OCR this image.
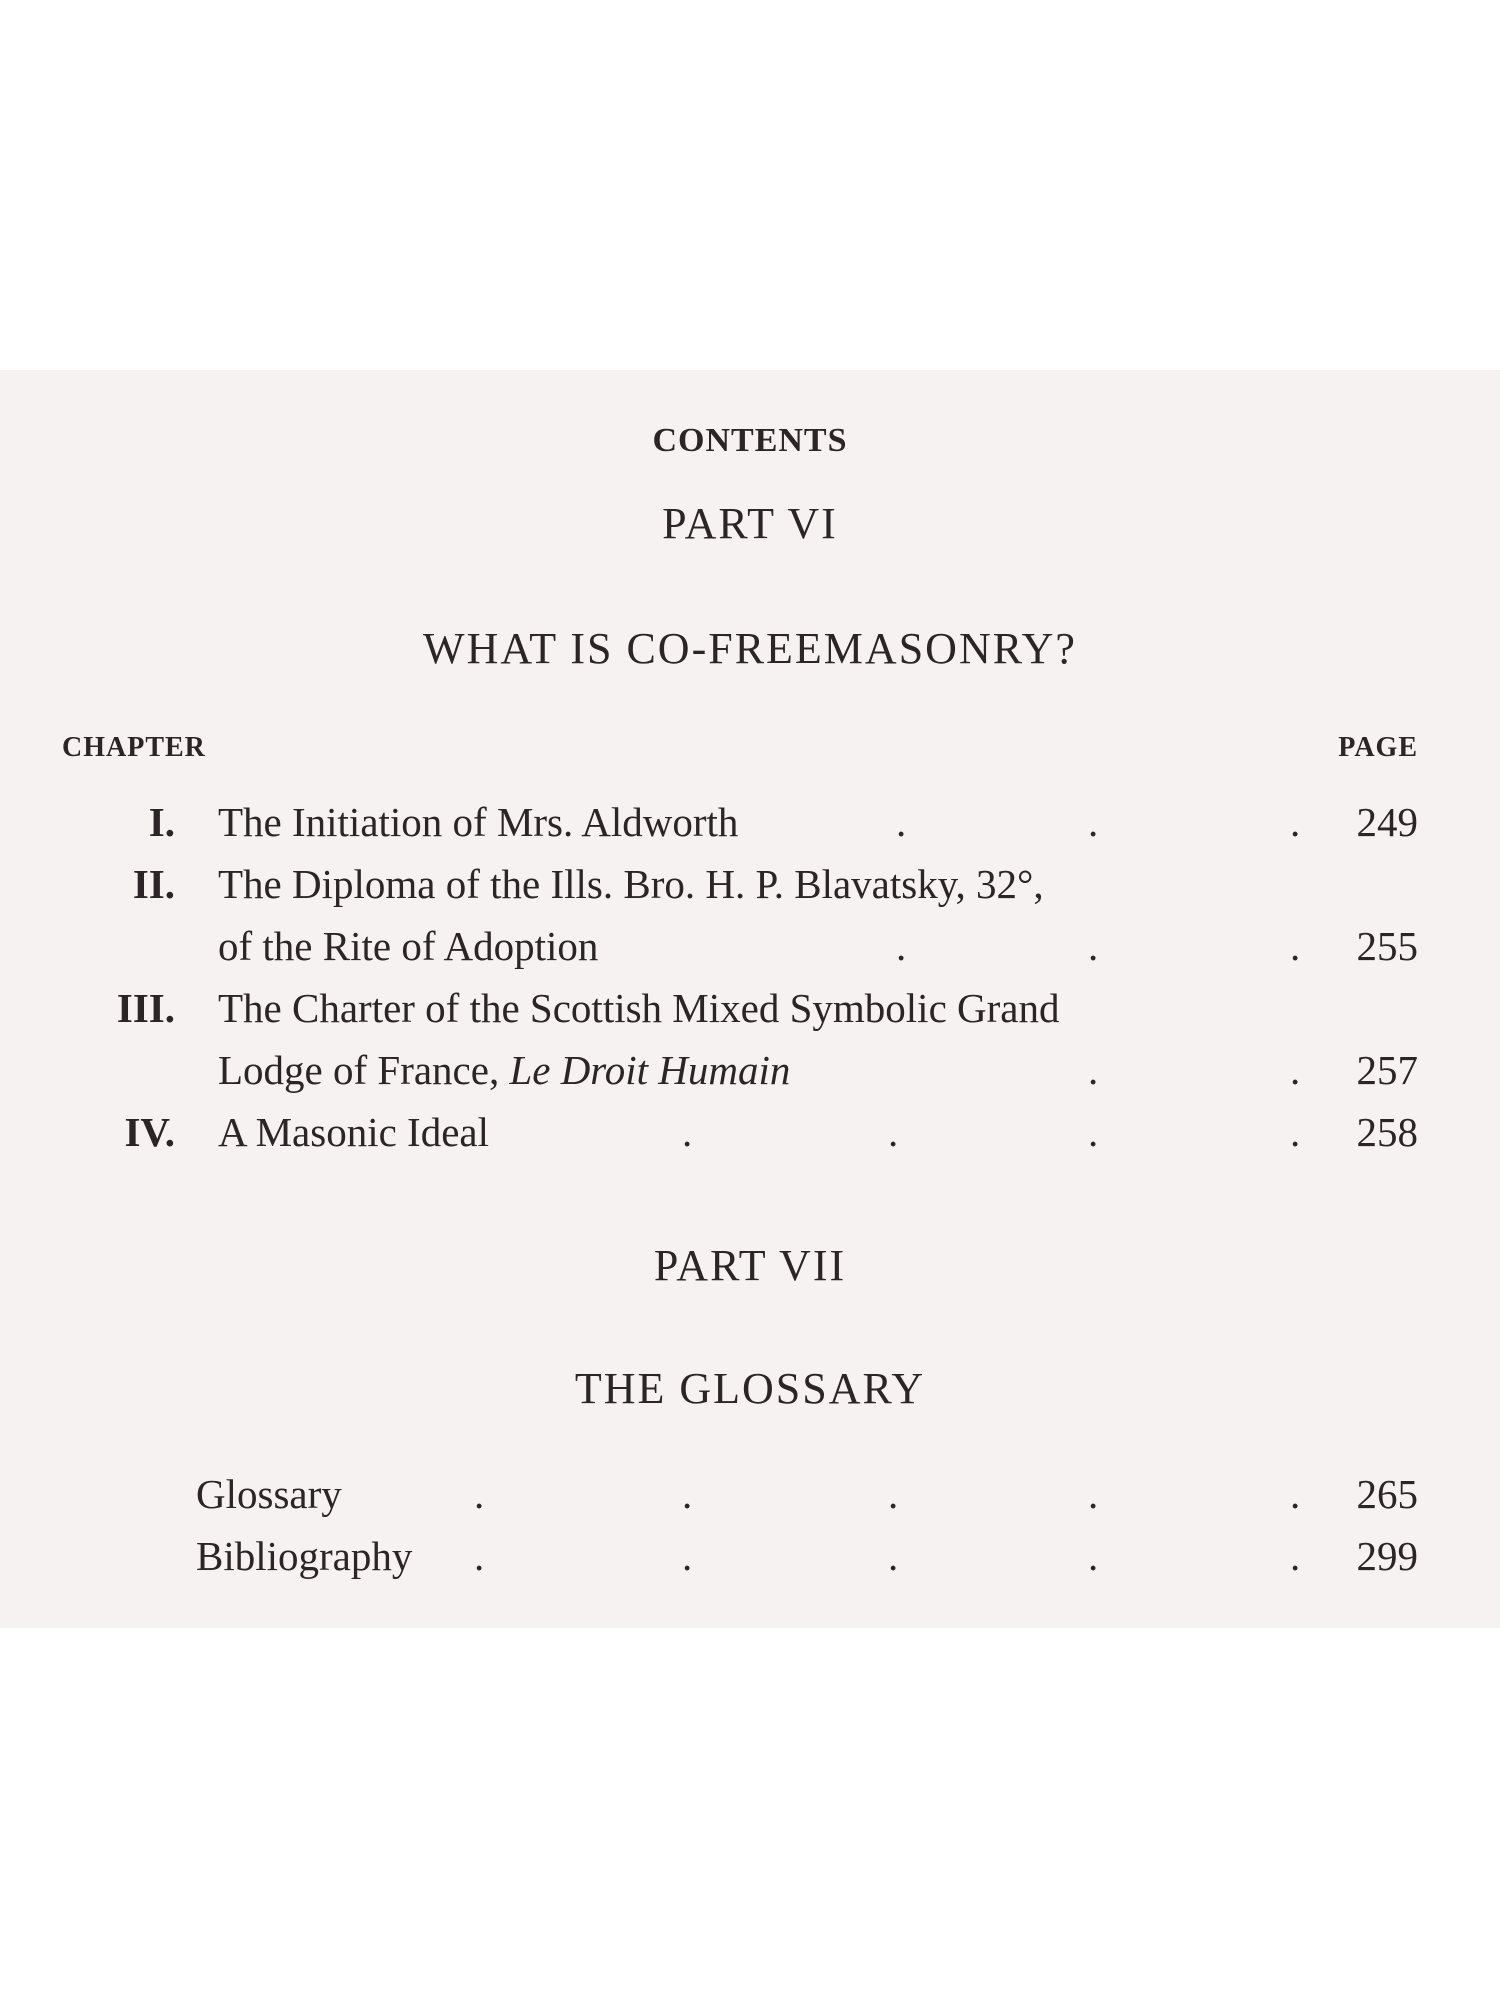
CONTENTS
PART VI
WHAT IS CO-FREEMASONRY?
CHAPTER	PAGE
I. The Initiation of Mrs. Aldworth	.	.	. 249
II. The Diploma of the Ills. Bro. H. P. Blavatsky, 32°,
of the Rite of Adoption	.	.	. 255
III. The Charter of the Scottish Mixed Symbolic Grand
Lodge of France, Le Droit Humain	.	. 257
IV. A Masonic Ideal	.	.	.	. 258
PART VII
THE GLOSSARY
Glossary	.	.	.	.	. 265
Bibliography .	.	.	.	. 299
